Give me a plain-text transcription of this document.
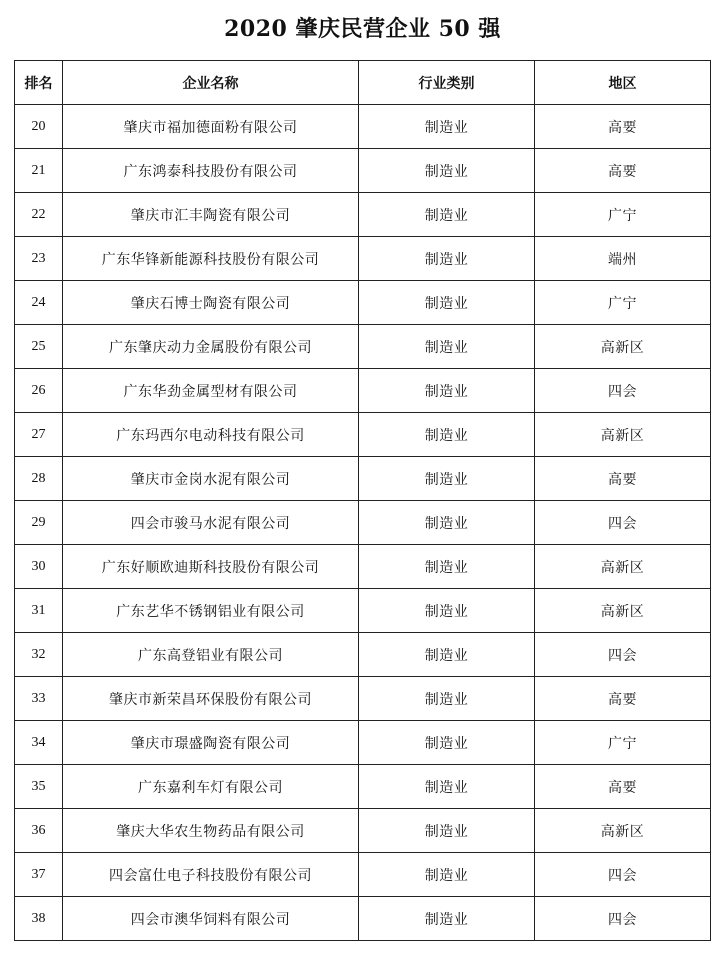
2020 肇庆民营企业 50 强
排名	企业名称	行业类别	地区
20	肇庆市福加德面粉有限公司	制造业	高要
21	广东鸿泰科技股份有限公司	制造业	高要
22	肇庆市汇丰陶瓷有限公司	制造业	广宁
23	广东华锋新能源科技股份有限公司	制造业	端州
24	肇庆石博士陶瓷有限公司	制造业	广宁
25	广东肇庆动力金属股份有限公司	制造业	高新区
26	广东华劲金属型材有限公司	制造业	四会
27	广东玛西尔电动科技有限公司	制造业	高新区
28	肇庆市金岗水泥有限公司	制造业	高要
29	四会市骏马水泥有限公司	制造业	四会
30	广东好顺欧迪斯科技股份有限公司	制造业	高新区
31	广东艺华不锈钢铝业有限公司	制造业	高新区
32	广东高登铝业有限公司	制造业	四会
33	肇庆市新荣昌环保股份有限公司	制造业	高要
34	肇庆市璟盛陶瓷有限公司	制造业	广宁
35	广东嘉利车灯有限公司	制造业	高要
36	肇庆大华农生物药品有限公司	制造业	高新区
37	四会富仕电子科技股份有限公司	制造业	四会
38	四会市澳华饲料有限公司	制造业	四会
